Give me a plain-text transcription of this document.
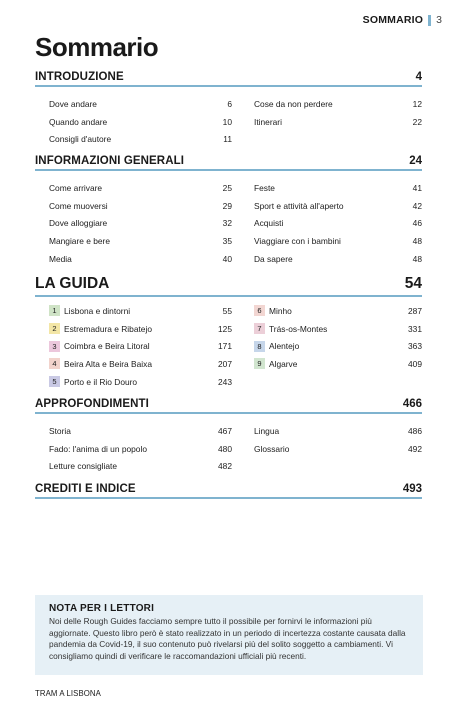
SOMMARIO 3
Sommario
INTRODUZIONE	4
Dove andare	6
Quando andare	10
Consigli d'autore	11
Cose da non perdere	12
Itinerari	22
INFORMAZIONI GENERALI	24
Come arrivare	25
Come muoversi	29
Dove alloggiare	32
Mangiare e bere	35
Media	40
Feste	41
Sport e attività all'aperto	42
Acquisti	46
Viaggiare con i bambini	48
Da sapere	48
LA GUIDA	54
1 Lisbona e dintorni	55
2 Estremadura e Ribatejo	125
3 Coimbra e Beira Litoral	171
4 Beira Alta e Beira Baixa	207
5 Porto e il Rio Douro	243
6 Minho	287
7 Trás-os-Montes	331
8 Alentejo	363
9 Algarve	409
APPROFONDIMENTI	466
Storia	467
Fado: l'anima di un popolo	480
Letture consigliate	482
Lingua	486
Glossario	492
CREDITI E INDICE	493
NOTA PER I LETTORI
Noi delle Rough Guides facciamo sempre tutto il possibile per fornirvi le informazioni più aggiornate. Questo libro però è stato realizzato in un periodo di incertezza costante causata dalla pandemia da Covid-19, il suo contenuto può rivelarsi più del solito soggetto a cambiamenti. Vi consigliamo quindi di verificare le raccomandazioni ufficiali più recenti.
TRAM A LISBONA
